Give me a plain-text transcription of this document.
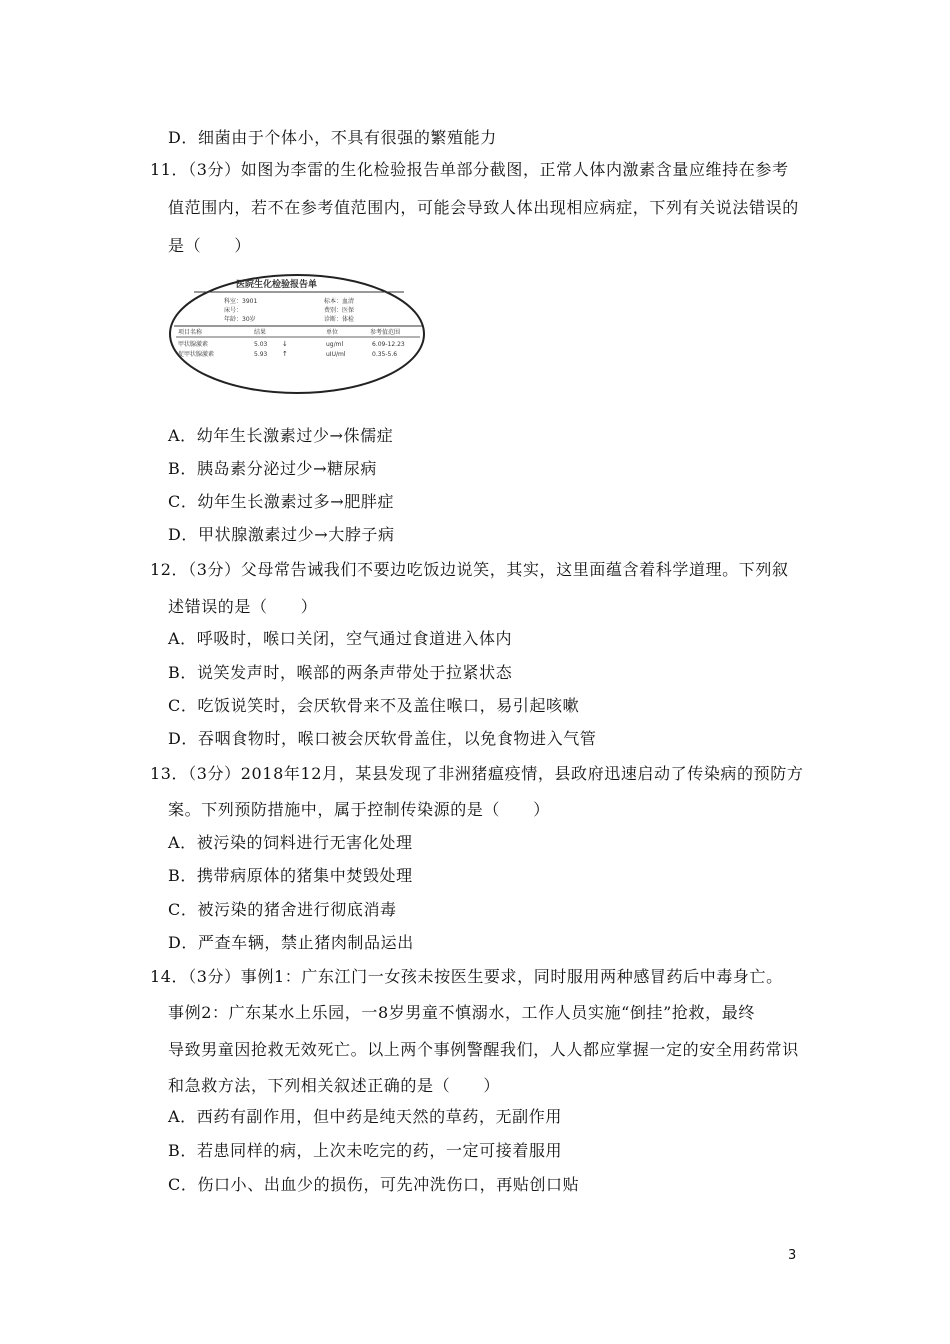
D．细菌由于个体小，不具有很强的繁殖能力
11．（3分）如图为李雷的生化检验报告单部分截图，正常人体内激素含量应维持在参考
值范围内，若不在参考值范围内，可能会导致人体出现相应病症，下列有关说法错误的
是（　　）
医院生化检验报告单
科室：3901	标本：血清
床号：	费别：医保
年龄：30岁	诊断：体检
项目名称	结果	单位	参考值范围
甲状腺激素	5.03 ↓	ug/ml	6.09-12.23
促甲状腺激素	5.93 ↑	uIU/ml	0.35-5.6
A．幼年生长激素过少→侏儒症
B．胰岛素分泌过少→糖尿病
C．幼年生长激素过多→肥胖症
D．甲状腺激素过少→大脖子病
12．（3分）父母常告诫我们不要边吃饭边说笑，其实，这里面蕴含着科学道理。下列叙
述错误的是（　　）
A．呼吸时，喉口关闭，空气通过食道进入体内
B．说笑发声时，喉部的两条声带处于拉紧状态
C．吃饭说笑时，会厌软骨来不及盖住喉口，易引起咳嗽
D．吞咽食物时，喉口被会厌软骨盖住，以免食物进入气管
13．（3分）2018年12月，某县发现了非洲猪瘟疫情，县政府迅速启动了传染病的预防方
案。下列预防措施中，属于控制传染源的是（　　）
A．被污染的饲料进行无害化处理
B．携带病原体的猪集中焚毁处理
C．被污染的猪舍进行彻底消毒
D．严查车辆，禁止猪肉制品运出
14．（3分）事例1：广东江门一女孩未按医生要求，同时服用两种感冒药后中毒身亡。
事例2：广东某水上乐园，一8岁男童不慎溺水，工作人员实施“倒挂”抢救，最终
导致男童因抢救无效死亡。以上两个事例警醒我们，人人都应掌握一定的安全用药常识
和急救方法，下列相关叙述正确的是（　　）
A．西药有副作用，但中药是纯天然的草药，无副作用
B．若患同样的病，上次未吃完的药，一定可接着服用
C．伤口小、出血少的损伤，可先冲洗伤口，再贴创口贴
3
